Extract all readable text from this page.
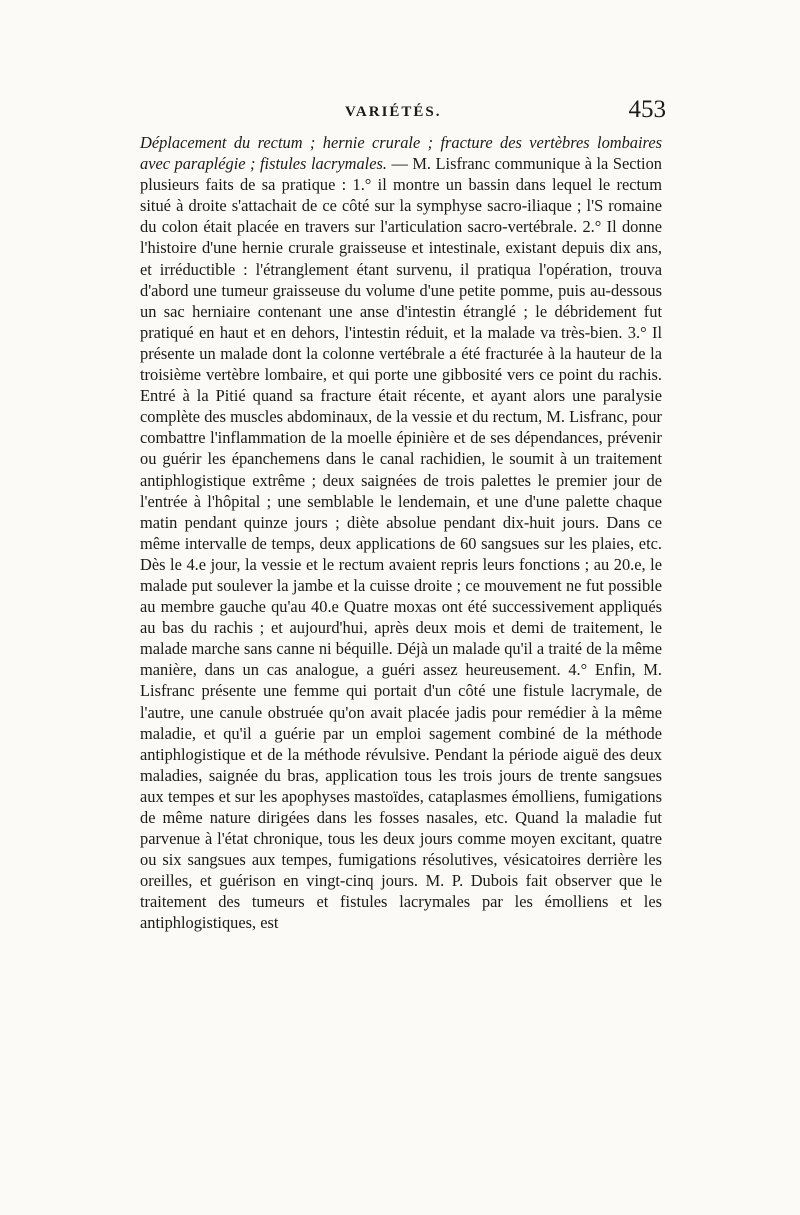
VARIÉTÉS.	453

Déplacement du rectum ; hernie crurale ; fracture des vertèbres lombaires avec paraplégie ; fistules lacrymales. — M. Lisfranc communique à la Section plusieurs faits de sa pratique : 1.° il montre un bassin dans lequel le rectum situé à droite s'attachait de ce côté sur la symphyse sacro-iliaque ; l'S romaine du colon était placée en travers sur l'articulation sacro-vertébrale. 2.° Il donne l'histoire d'une hernie crurale graisseuse et intestinale, existant depuis dix ans, et irréductible : l'étranglement étant survenu, il pratiqua l'opération, trouva d'abord une tumeur graisseuse du volume d'une petite pomme, puis au-dessous un sac herniaire contenant une anse d'intestin étranglé ; le débridement fut pratiqué en haut et en dehors, l'intestin réduit, et la malade va très-bien. 3.° Il présente un malade dont la colonne vertébrale a été fracturée à la hauteur de la troisième vertèbre lombaire, et qui porte une gibbosité vers ce point du rachis. Entré à la Pitié quand sa fracture était récente, et ayant alors une paralysie complète des muscles abdominaux, de la vessie et du rectum, M. Lisfranc, pour combattre l'inflammation de la moelle épinière et de ses dépendances, prévenir ou guérir les épanchemens dans le canal rachidien, le soumit à un traitement antiphlogistique extrême ; deux saignées de trois palettes le premier jour de l'entrée à l'hôpital ; une semblable le lendemain, et une d'une palette chaque matin pendant quinze jours ; diète absolue pendant dix-huit jours. Dans ce même intervalle de temps, deux applications de 60 sangsues sur les plaies, etc. Dès le 4.e jour, la vessie et le rectum avaient repris leurs fonctions ; au 20.e, le malade put soulever la jambe et la cuisse droite ; ce mouvement ne fut possible au membre gauche qu'au 40.e Quatre moxas ont été successivement appliqués au bas du rachis ; et aujourd'hui, après deux mois et demi de traitement, le malade marche sans canne ni béquille. Déjà un malade qu'il a traité de la même manière, dans un cas analogue, a guéri assez heureusement. 4.° Enfin, M. Lisfranc présente une femme qui portait d'un côté une fistule lacrymale, de l'autre, une canule obstruée qu'on avait placée jadis pour remédier à la même maladie, et qu'il a guérie par un emploi sagement combiné de la méthode antiphlogistique et de la méthode révulsive. Pendant la période aiguë des deux maladies, saignée du bras, application tous les trois jours de trente sangsues aux tempes et sur les apophyses mastoïdes, cataplasmes émolliens, fumigations de même nature dirigées dans les fosses nasales, etc. Quand la maladie fut parvenue à l'état chronique, tous les deux jours comme moyen excitant, quatre ou six sangsues aux tempes, fumigations résolutives, vésicatoires derrière les oreilles, et guérison en vingt-cinq jours. M. P. Dubois fait observer que le traitement des tumeurs et fistules lacrymales par les émolliens et les antiphlogistiques, est
